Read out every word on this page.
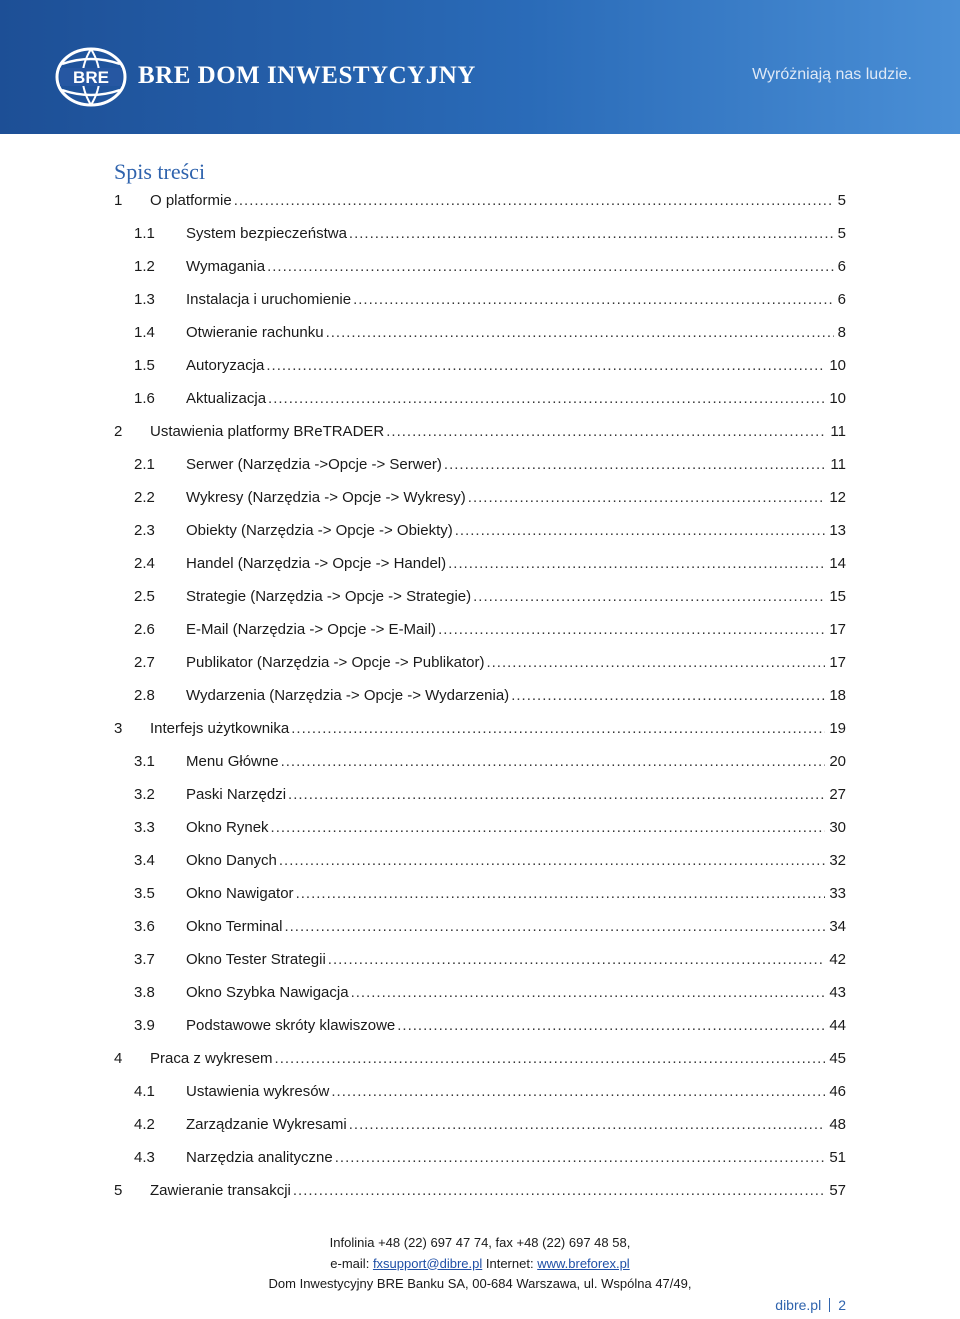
BRE BRE DOM INWESTYCYJNY	Wyróżniają nas ludzie.
Spis treści
1	O platformie .....	5
1.1	System bezpieczeństwa .....	5
1.2	Wymagania .....	6
1.3	Instalacja i uruchomienie .....	6
1.4	Otwieranie rachunku .....	8
1.5	Autoryzacja .....	10
1.6	Aktualizacja .....	10
2	Ustawienia platformy BReTRADER .....	11
2.1	Serwer (Narzędzia ->Opcje -> Serwer) .....	11
2.2	Wykresy (Narzędzia -> Opcje -> Wykresy) .....	12
2.3	Obiekty (Narzędzia -> Opcje -> Obiekty) .....	13
2.4	Handel (Narzędzia -> Opcje -> Handel) .....	14
2.5	Strategie (Narzędzia -> Opcje -> Strategie) .....	15
2.6	E-Mail (Narzędzia -> Opcje -> E-Mail) .....	17
2.7	Publikator (Narzędzia -> Opcje -> Publikator) .....	17
2.8	Wydarzenia (Narzędzia -> Opcje -> Wydarzenia) .....	18
3	Interfejs użytkownika .....	19
3.1	Menu Główne .....	20
3.2	Paski Narzędzi .....	27
3.3	Okno Rynek .....	30
3.4	Okno Danych .....	32
3.5	Okno Nawigator .....	33
3.6	Okno Terminal .....	34
3.7	Okno Tester Strategii .....	42
3.8	Okno Szybka Nawigacja .....	43
3.9	Podstawowe skróty klawiszowe .....	44
4	Praca z wykresem .....	45
4.1	Ustawienia wykresów .....	46
4.2	Zarządzanie Wykresami .....	48
4.3	Narzędzia analityczne .....	51
5	Zawieranie transakcji .....	57
Infolinia +48 (22) 697 47 74, fax +48 (22) 697 48 58,
e-mail: fxsupport@dibre.pl Internet: www.breforex.pl
Dom Inwestycyjny BRE Banku SA, 00-684 Warszawa, ul. Wspólna 47/49,
dibre.pl 2
